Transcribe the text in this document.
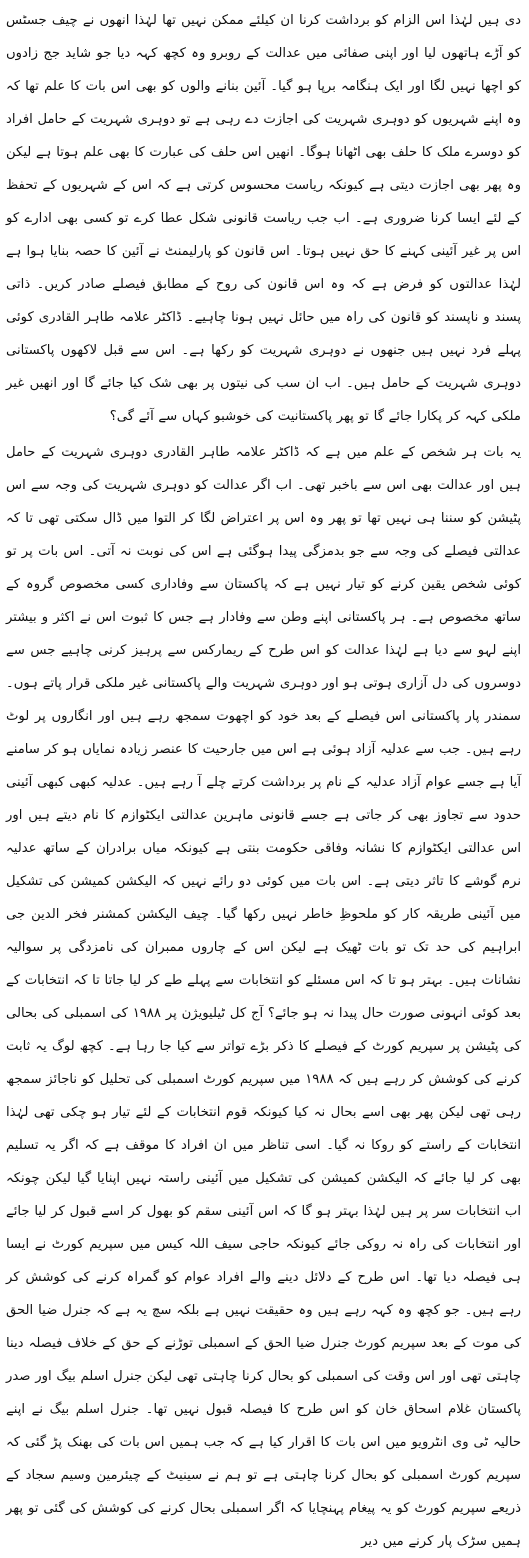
دی ہیں لہٰذا اس الزام کو برداشت کرنا ان کیلئے ممکن نہیں تھا لہٰذا انھوں نے چیف جسٹس کو آڑے ہاتھوں لیا اور اپنی صفائی میں عدالت کے روبرو وہ کچھ کہہ دیا جو شاید جج زادوں کو اچھا نہیں لگا اور ایک ہنگامہ برپا ہو گیا۔ آئین بنانے والوں کو بھی اس بات کا علم تھا کہ وہ اپنے شہریوں کو دوہری شہریت کی اجازت دے رہی ہے تو دوہری شہریت کے حامل افراد کو دوسرے ملک کا حلف بھی اٹھانا ہوگا۔ انھیں اس حلف کی عبارت کا بھی علم ہوتا ہے لیکن وہ پھر بھی اجازت دیتی ہے کیونکہ ریاست محسوس کرتی ہے کہ اس کے شہریوں کے تحفظ کے لئے ایسا کرنا ضروری ہے۔ اب جب ریاست قانونی شکل عطا کرے تو کسی بھی ادارے کو اس پر غیر آئینی کہنے کا حق نہیں ہوتا۔ اس قانون کو پارلیمنٹ نے آئین کا حصہ بنایا ہوا ہے لہٰذا عدالتوں کو فرض ہے کہ وہ اس قانون کی روح کے مطابق فیصلے صادر کریں۔ ذاتی پسند و ناپسند کو قانون کی راہ میں حائل نہیں ہونا چاہیے۔ ڈاکٹر علامہ طاہر القادری کوئی پہلے فرد نہیں ہیں جنھوں نے دوہری شہریت کو رکھا ہے۔ اس سے قبل لاکھوں پاکستانی دوہری شہریت کے حامل ہیں۔ اب ان سب کی نیتوں پر بھی شک کیا جائے گا اور انھیں غیر ملکی کہہ کر پکارا جائے گا تو پھر پاکستانیت کی خوشبو کہاں سے آئے گی؟

یہ بات ہر شخص کے علم میں ہے کہ ڈاکٹر علامہ طاہر القادری دوہری شہریت کے حامل ہیں اور عدالت بھی اس سے باخبر تھی۔ اب اگر عدالت کو دوہری شہریت کی وجہ سے اس پٹیشن کو سننا ہی نہیں تھا تو پھر وہ اس پر اعتراض لگا کر التوا میں ڈال سکتی تھی تا کہ عدالتی فیصلے کی وجہ سے جو بدمزگی پیدا ہوگئی ہے اس کی نوبت نہ آتی۔ اس بات پر تو کوئی شخص یقین کرنے کو تیار نہیں ہے کہ پاکستان سے وفاداری کسی مخصوص گروہ کے ساتھ مخصوص ہے۔ ہر پاکستانی اپنے وطن سے وفادار ہے جس کا ثبوت اس نے اکثر و بیشتر اپنے لہو سے دیا ہے لہٰذا عدالت کو اس طرح کے ریمارکس سے پرہیز کرنی چاہیے جس سے دوسروں کی دل آزاری ہوتی ہو اور دوہری شہریت والے پاکستانی غیر ملکی قرار پاتے ہوں۔ سمندر پار پاکستانی اس فیصلے کے بعد خود کو اچھوت سمجھ رہے ہیں اور انگاروں پر لوٹ رہے ہیں۔ جب سے عدلیہ آزاد ہوئی ہے اس میں جارحیت کا عنصر زیادہ نمایاں ہو کر سامنے آیا ہے جسے عوام آزاد عدلیہ کے نام پر برداشت کرتے چلے آ رہے ہیں۔ عدلیہ کبھی کبھی آئینی حدود سے تجاوز بھی کر جاتی ہے جسے قانونی ماہرین عدالتی ایکٹوازم کا نام دیتے ہیں اور اس عدالتی ایکٹوازم کا نشانہ وفاقی حکومت بنتی ہے کیونکہ میاں برادران کے ساتھ عدلیہ نرم گوشے کا تاثر دیتی ہے۔ اس بات میں کوئی دو رائے نہیں کہ الیکشن کمیشن کی تشکیل میں آئینی طریقہ کار کو ملحوظِ خاطر نہیں رکھا گیا۔ چیف الیکشن کمشنر فخر الدین جی ابراہیم کی حد تک تو بات ٹھیک ہے لیکن اس کے چاروں ممبران کی نامزدگی پر سوالیہ نشانات ہیں۔ بہتر ہو تا کہ اس مسئلے کو انتخابات سے پہلے طے کر لیا جاتا تا کہ انتخابات کے بعد کوئی انہونی صورت حال پیدا نہ ہو جائے؟ آج کل ٹیلیویژن پر ۱۹۸۸ کی اسمبلی کی بحالی کی پٹیشن پر سپریم کورٹ کے فیصلے کا ذکر بڑے تواتر سے کیا جا رہا ہے۔ کچھ لوگ یہ ثابت کرنے کی کوشش کر رہے ہیں کہ ۱۹۸۸ میں سپریم کورٹ اسمبلی کی تحلیل کو ناجائز سمجھ رہی تھی لیکن پھر بھی اسے بحال نہ کیا کیونکہ قوم انتخابات کے لئے تیار ہو چکی تھی لہٰذا انتخابات کے راستے کو روکا نہ گیا۔ اسی تناظر میں ان افراد کا موقف ہے کہ اگر یہ تسلیم بھی کر لیا جائے کہ الیکشن کمیشن کی تشکیل میں آئینی راستہ نہیں اپنایا گیا لیکن چونکہ اب انتخابات سر پر ہیں لہٰذا بہتر ہو گا کہ اس آئینی سقم کو بھول کر اسے قبول کر لیا جائے اور انتخابات کی راہ نہ روکی جائے کیونکہ حاجی سیف اللہ کیس میں سپریم کورٹ نے ایسا ہی فیصلہ دیا تھا۔ اس طرح کے دلائل دینے والے افراد عوام کو گمراہ کرنے کی کوشش کر رہے ہیں۔ جو کچھ وہ کہہ رہے ہیں وہ حقیقت نہیں ہے بلکہ سچ یہ ہے کہ جنرل ضیا الحق کی موت کے بعد سپریم کورٹ جنرل ضیا الحق کے اسمبلی توڑنے کے حق کے خلاف فیصلہ دینا چاہتی تھی اور اس وقت کی اسمبلی کو بحال کرنا چاہتی تھی لیکن جنرل اسلم بیگ اور صدر پاکستان غلام اسحاق خان کو اس طرح کا فیصلہ قبول نہیں تھا۔ جنرل اسلم بیگ نے اپنے حالیہ ٹی وی انٹرویو میں اس بات کا اقرار کیا ہے کہ جب ہمیں اس بات کی بھنک پڑ گئی کہ سپریم کورٹ اسمبلی کو بحال کرنا چاہتی ہے تو ہم نے سینیٹ کے چیئرمین وسیم سجاد کے ذریعے سپریم کورٹ کو یہ پیغام پہنچایا کہ اگر اسمبلی بحال کرنے کی کوشش کی گئی تو پھر ہمیں سڑک پار کرنے میں دیر
